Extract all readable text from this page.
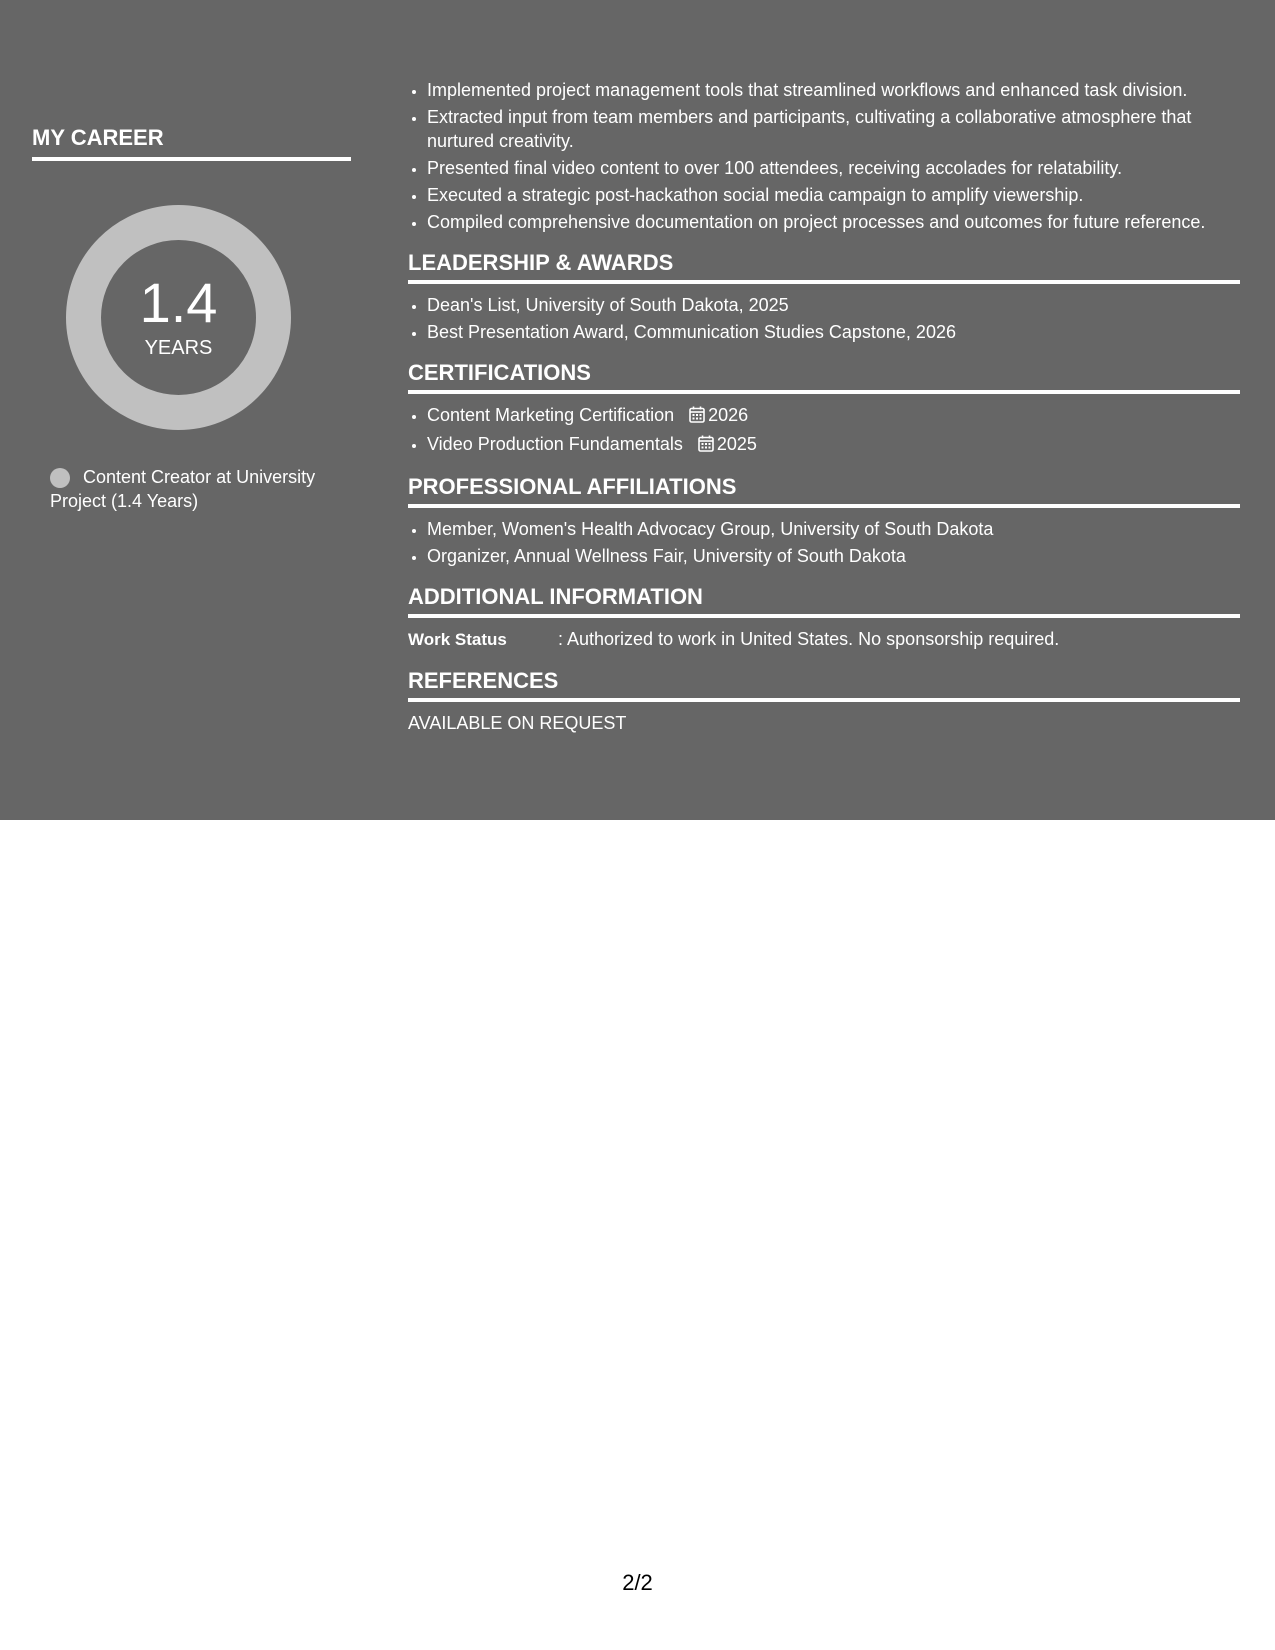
MY CAREER
1.4
YEARS
Content Creator at University Project (1.4 Years)
• Implemented project management tools that streamlined workflows and enhanced task division.
• Extracted input from team members and participants, cultivating a collaborative atmosphere that nurtured creativity.
• Presented final video content to over 100 attendees, receiving accolades for relatability.
• Executed a strategic post-hackathon social media campaign to amplify viewership.
• Compiled comprehensive documentation on project processes and outcomes for future reference.
LEADERSHIP & AWARDS
• Dean's List, University of South Dakota, 2025
• Best Presentation Award, Communication Studies Capstone, 2026
CERTIFICATIONS
• Content Marketing Certification 2026
• Video Production Fundamentals 2025
PROFESSIONAL AFFILIATIONS
• Member, Women's Health Advocacy Group, University of South Dakota
• Organizer, Annual Wellness Fair, University of South Dakota
ADDITIONAL INFORMATION
Work Status	: Authorized to work in United States. No sponsorship required.
REFERENCES
AVAILABLE ON REQUEST
2/2
